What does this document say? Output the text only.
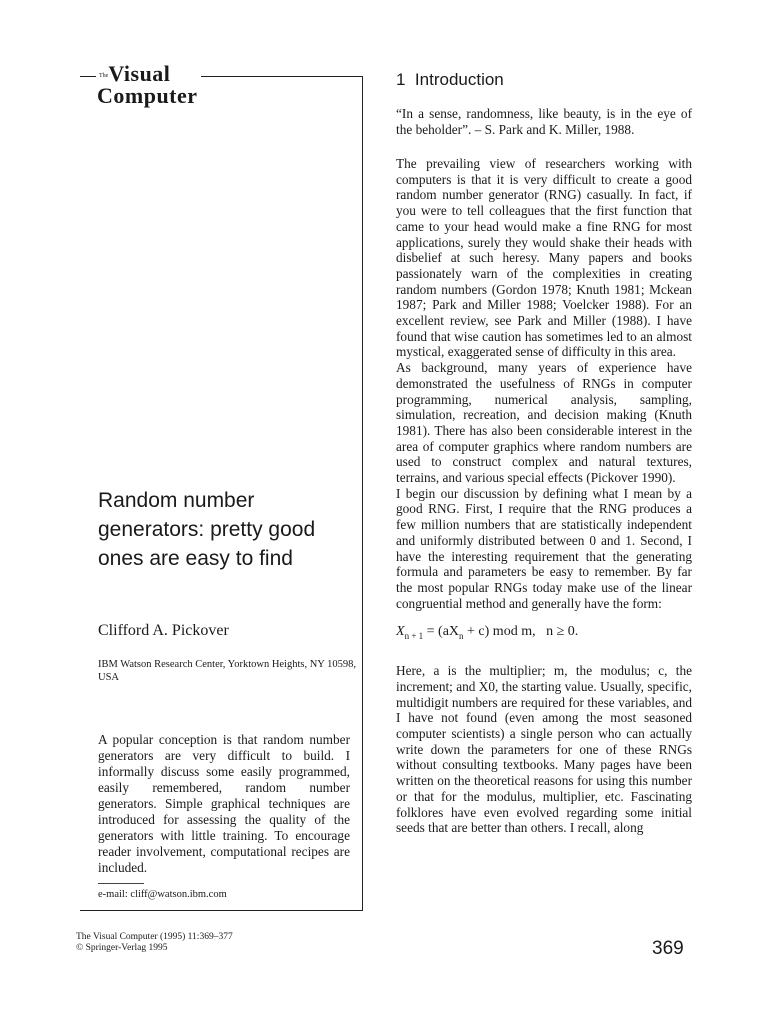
$^{The}$Visual
Computer
Random number generators: pretty good ones are easy to find

Clifford A. Pickover

IBM Watson Research Center, Yorktown Heights, NY 10598, USA

A popular conception is that random number generators are very difficult to build. I informally discuss some easily programmed, easily remembered, random number generators. Simple graphical techniques are introduced for assessing the quality of the generators with little training. To encourage reader involvement, computational recipes are included.

e-mail: cliff@watson.ibm.com

The Visual Computer (1995) 11:369–377
© Springer-Verlag 1995	369

1 Introduction

“In a sense, randomness, like beauty, is in the eye of the beholder”. – S. Park and K. Miller, 1988.

The prevailing view of researchers working with computers is that it is very difficult to create a good random number generator (RNG) casually. In fact, if you were to tell colleagues that the first function that came to your head would make a fine RNG for most applications, surely they would shake their heads with disbelief at such heresy. Many papers and books passionately warn of the complexities in creating random numbers (Gordon 1978; Knuth 1981; Mckean 1987; Park and Miller 1988; Voelcker 1988). For an excellent review, see Park and Miller (1988). I have found that wise caution has sometimes led to an almost mystical, exaggerated sense of difficulty in this area.

As background, many years of experience have demonstrated the usefulness of RNGs in computer programming, numerical analysis, sampling, simulation, recreation, and decision making (Knuth 1981). There has also been considerable interest in the area of computer graphics where random numbers are used to construct complex and natural textures, terrains, and various special effects (Pickover 1990).

I begin our discussion by defining what I mean by a good RNG. First, I require that the RNG produces a few million numbers that are statistically independent and uniformly distributed between 0 and 1. Second, I have the interesting requirement that the generating formula and parameters be easy to remember. By far the most popular RNGs today make use of the linear congruential method and generally have the form:

$X_{n + 1} = (aX_n + c)$ mod m, n ≥ 0.

Here, a is the multiplier; m, the modulus; c, the increment; and X0, the starting value. Usually, specific, multidigit numbers are required for these variables, and I have not found (even among the most seasoned computer scientists) a single person who can actually write down the parameters for one of these RNGs without consulting textbooks. Many pages have been written on the theoretical reasons for using this number or that for the modulus, multiplier, etc. Fascinating folklores have even evolved regarding some initial seeds that are better than others. I recall, along
